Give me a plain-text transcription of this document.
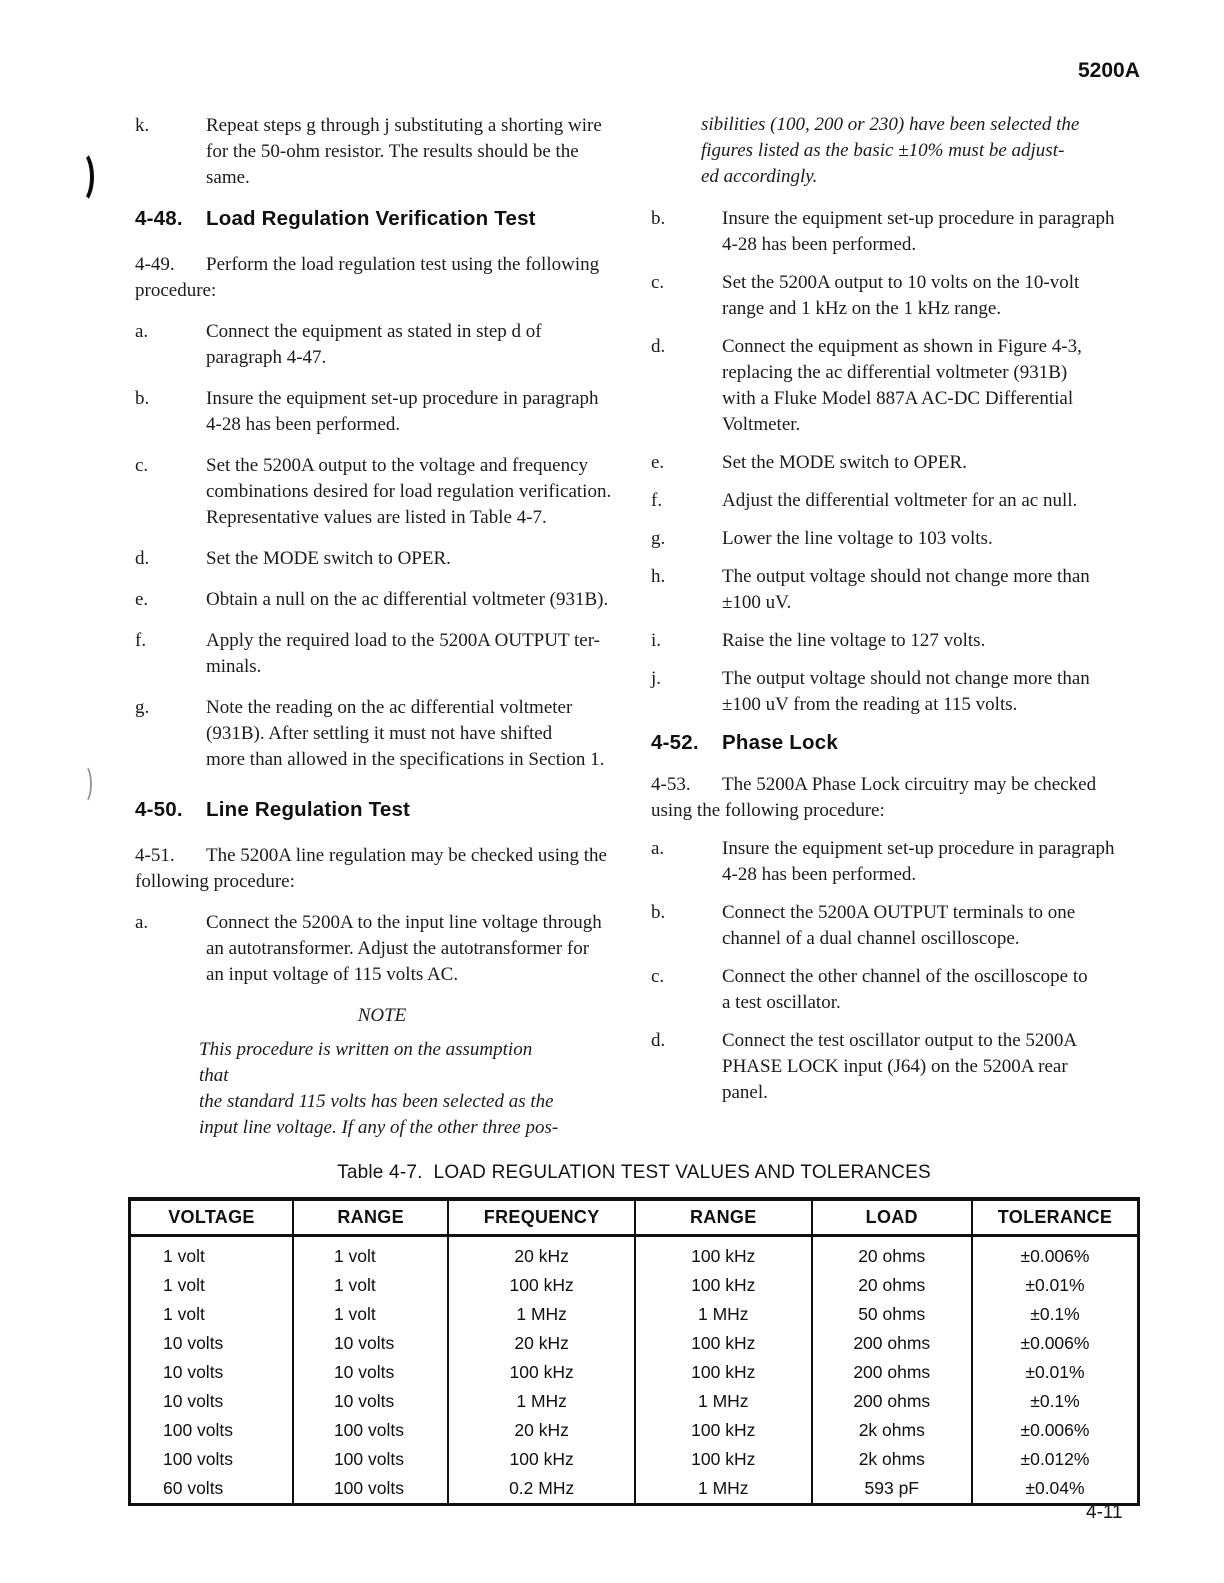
5200A
k.	Repeat steps g through j substituting a shorting wire
for the 50-ohm resistor. The results should be the
same.
4-48.	Load Regulation Verification Test

4-49. Perform the load regulation test using the following
procedure:

a.	Connect the equipment as stated in step d of
paragraph 4-47.
b.	Insure the equipment set-up procedure in paragraph
4-28 has been performed.
c.	Set the 5200A output to the voltage and frequency
combinations desired for load regulation verification.
Representative values are listed in Table 4-7.
d.	Set the MODE switch to OPER.
e.	Obtain a null on the ac differential voltmeter (931B).
f.	Apply the required load to the 5200A OUTPUT ter-
minals.
g.	Note the reading on the ac differential voltmeter
(931B). After settling it must not have shifted
more than allowed in the specifications in Section 1.
4-50.	Line Regulation Test

4-51. The 5200A line regulation may be checked using the
following procedure:

a.	Connect the 5200A to the input line voltage through
an autotransformer. Adjust the autotransformer for
an input voltage of 115 volts AC.
NOTE
This procedure is written on the assumption that
the standard 115 volts has been selected as the
input line voltage. If any of the other three pos-
sibilities (100, 200 or 230) have been selected the
figures listed as the basic ±10% must be adjust-
ed accordingly.
b.	Insure the equipment set-up procedure in paragraph
4-28 has been performed.
c.	Set the 5200A output to 10 volts on the 10-volt
range and 1 kHz on the 1 kHz range.
d.	Connect the equipment as shown in Figure 4-3,
replacing the ac differential voltmeter (931B)
with a Fluke Model 887A AC-DC Differential
Voltmeter.
e.	Set the MODE switch to OPER.
f.	Adjust the differential voltmeter for an ac null.
g.	Lower the line voltage to 103 volts.
h.	The output voltage should not change more than
±100 uV.
i.	Raise the line voltage to 127 volts.
j.	The output voltage should not change more than
±100 uV from the reading at 115 volts.
4-52.	Phase Lock

4-53. The 5200A Phase Lock circuitry may be checked
using the following procedure:

a.	Insure the equipment set-up procedure in paragraph
4-28 has been performed.
b.	Connect the 5200A OUTPUT terminals to one
channel of a dual channel oscilloscope.
c.	Connect the other channel of the oscilloscope to
a test oscillator.
d.	Connect the test oscillator output to the 5200A
PHASE LOCK input (J64) on the 5200A rear
panel.
Table 4-7.  LOAD REGULATION TEST VALUES AND TOLERANCES
VOLTAGE	RANGE	FREQUENCY	RANGE	LOAD	TOLERANCE
1 volt	1 volt	20 kHz	100 kHz	20 ohms	±0.006%
1 volt	1 volt	100 kHz	100 kHz	20 ohms	±0.01%
1 volt	1 volt	1 MHz	1 MHz	50 ohms	±0.1%
10 volts	10 volts	20 kHz	100 kHz	200 ohms	±0.006%
10 volts	10 volts	100 kHz	100 kHz	200 ohms	±0.01%
10 volts	10 volts	1 MHz	1 MHz	200 ohms	±0.1%
100 volts	100 volts	20 kHz	100 kHz	2k ohms	±0.006%
100 volts	100 volts	100 kHz	100 kHz	2k ohms	±0.012%
60 volts	100 volts	0.2 MHz	1 MHz	593 pF	±0.04%
4-11
